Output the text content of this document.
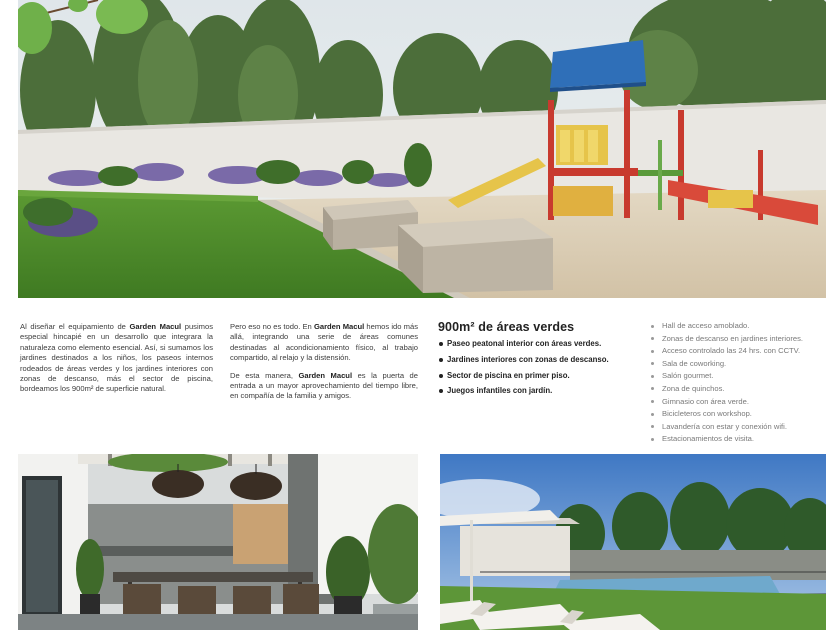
Al diseñar el equipamiento de Garden Macul pusimos especial hincapié en un desarrollo que integrara la naturaleza como elemento esencial. Así, si sumamos los jardines destinados a los niños, los paseos internos rodeados de áreas verdes y los jardines interiores con zonas de descanso, más el sector de piscina, bordeamos los 900m² de superficie natural.

Pero eso no es todo. En Garden Macul hemos ido más allá, integrando una serie de áreas comunes destinadas al acondicionamiento físico, al trabajo compartido, al relajo y la distensión.

De esta manera, Garden Macul es la puerta de entrada a un mayor aprovechamiento del tiempo libre, en compañía de la familia y amigos.

900m² de áreas verdes
Paseo peatonal interior con áreas verdes.
Jardines interiores con zonas de descanso.
Sector de piscina en primer piso.
Juegos infantiles con jardín.
Hall de acceso amoblado.
Zonas de descanso en jardines interiores.
Acceso controlado las 24 hrs. con CCTV.
Sala de coworking.
Salón gourmet.
Zona de quinchos.
Gimnasio con área verde.
Bicicleteros con workshop.
Lavandería con estar y conexión wifi.
Estacionamientos de visita.
